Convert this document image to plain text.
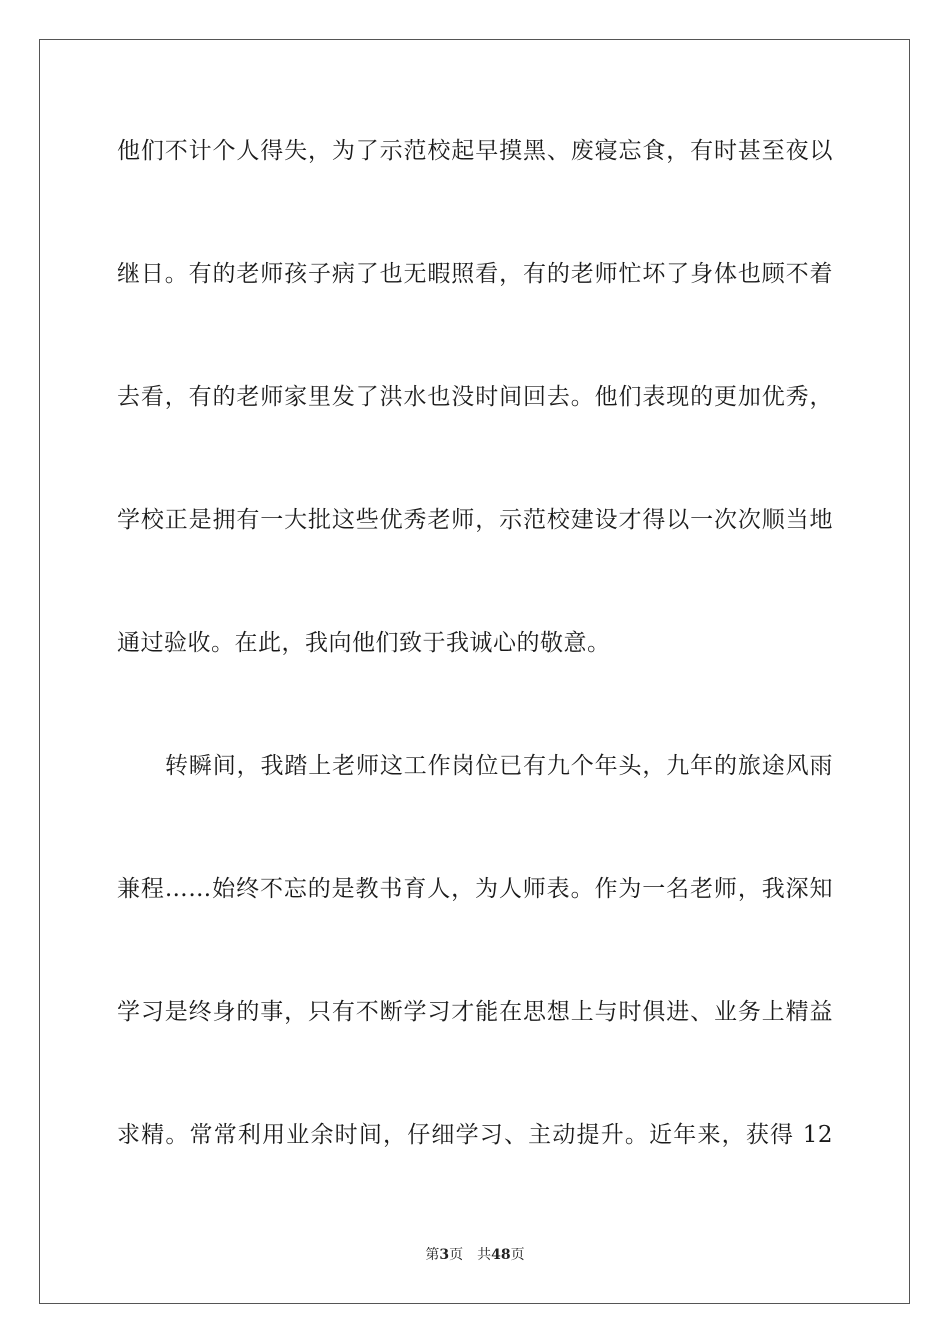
他们不计个人得失，为了示范校起早摸黑、废寝忘食，有时甚至夜以
继日。有的老师孩子病了也无暇照看，有的老师忙坏了身体也顾不着
去看，有的老师家里发了洪水也没时间回去。他们表现的更加优秀，
学校正是拥有一大批这些优秀老师，示范校建设才得以一次次顺当地
通过验收。在此，我向他们致于我诚心的敬意。
转瞬间，我踏上老师这工作岗位已有九个年头，九年的旅途风雨
兼程……始终不忘的是教书育人，为人师表。作为一名老师，我深知
学习是终身的事，只有不断学习才能在思想上与时俱进、业务上精益
求精。常常利用业余时间，仔细学习、主动提升。近年来，获得 12
第3页 共48页
